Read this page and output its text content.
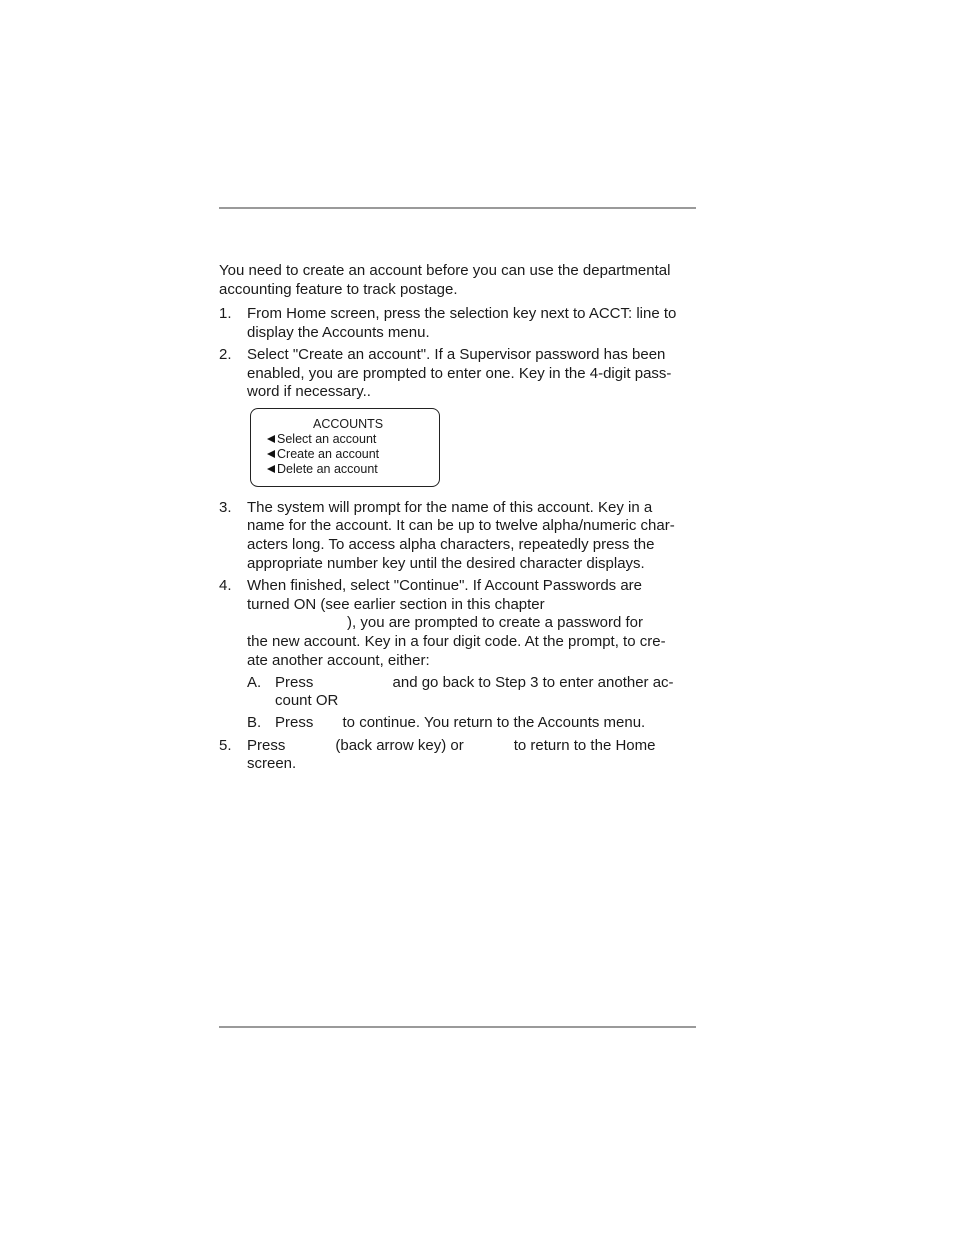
You need to create an account before you can use the departmental
accounting feature to track postage.
1. From Home screen, press the selection key next to ACCT: line to
display the Accounts menu.
2. Select "Create an account". If a Supervisor password has been
enabled, you are prompted to enter one. Key in the 4-digit pass-
word if necessary..
ACCOUNTS
Select an account
Create an account
Delete an account
3. The system will prompt for the name of this account. Key in a
name for the account. It can be up to twelve alpha/numeric char-
acters long. To access alpha characters, repeatedly press the
appropriate number key until the desired character displays.
4. When finished, select "Continue". If Account Passwords are
turned ON (see earlier section in this chapter
), you are prompted to create a password for
the new account. Key in a four digit code. At the prompt, to cre-
ate another account, either:
A. Press                   and go back to Step 3 to enter another ac-
count OR
B. Press       to continue. You return to the Accounts menu.
5. Press            (back arrow key) or            to return to the Home
screen.
